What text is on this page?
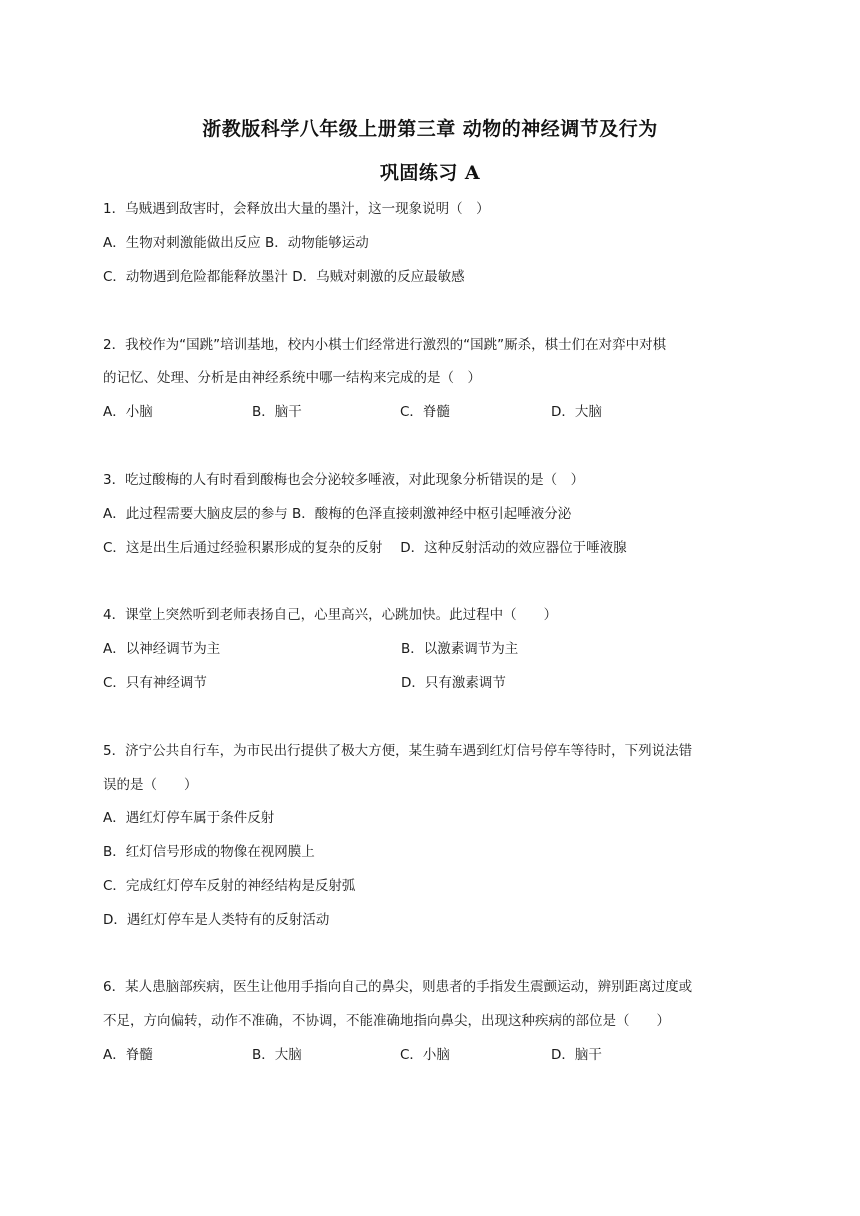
浙教版科学八年级上册第三章 动物的神经调节及行为
巩固练习 A
1．乌贼遇到敌害时，会释放出大量的墨汁，这一现象说明（　）
A．生物对刺激能做出反应 B．动物能够运动
C．动物遇到危险都能释放墨汁 D．乌贼对刺激的反应最敏感
2．我校作为“国跳”培训基地，校内小棋士们经常进行激烈的“国跳”厮杀，棋士们在对弈中对棋
的记忆、处理、分析是由神经系统中哪一结构来完成的是（　）
A．小脑	B．脑干	C．脊髓	D．大脑
3．吃过酸梅的人有时看到酸梅也会分泌较多唾液，对此现象分析错误的是（　）
A．此过程需要大脑皮层的参与 B．酸梅的色泽直接刺激神经中枢引起唾液分泌
C．这是出生后通过经验积累形成的复杂的反射　 D．这种反射活动的效应器位于唾液腺
4．课堂上突然听到老师表扬自己，心里高兴，心跳加快。此过程中（　　）
A．以神经调节为主	B．以激素调节为主
C．只有神经调节	D．只有激素调节
5．济宁公共自行车，为市民出行提供了极大方便，某生骑车遇到红灯信号停车等待时，下列说法错
误的是（　　）
A．遇红灯停车属于条件反射
B．红灯信号形成的物像在视网膜上
C．完成红灯停车反射的神经结构是反射弧
D．遇红灯停车是人类特有的反射活动
6．某人患脑部疾病，医生让他用手指向自己的鼻尖，则患者的手指发生震颤运动，辨别距离过度或
不足，方向偏转，动作不准确，不协调，不能准确地指向鼻尖，出现这种疾病的部位是（　　）
A．脊髓	B．大脑	C．小脑	D．脑干
